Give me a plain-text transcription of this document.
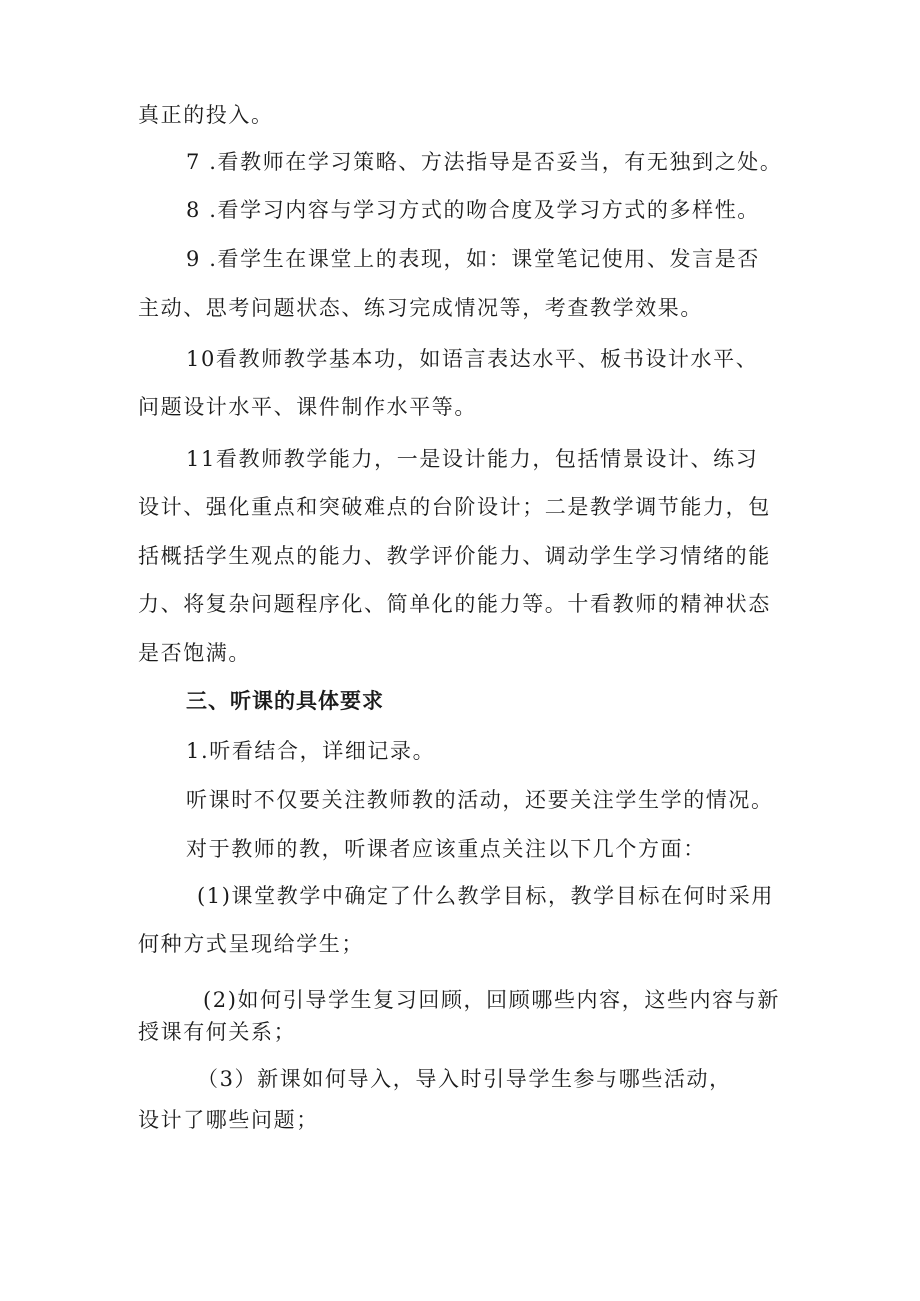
真正的投入。
7 .看教师在学习策略、方法指导是否妥当，有无独到之处。
8 .看学习内容与学习方式的吻合度及学习方式的多样性。
9 .看学生在课堂上的表现，如：课堂笔记使用、发言是否
主动、思考问题状态、练习完成情况等，考查教学效果。
10看教师教学基本功，如语言表达水平、板书设计水平、
问题设计水平、课件制作水平等。
11看教师教学能力，一是设计能力，包括情景设计、练习
设计、强化重点和突破难点的台阶设计；二是教学调节能力，包
括概括学生观点的能力、教学评价能力、调动学生学习情绪的能
力、将复杂问题程序化、简单化的能力等。十看教师的精神状态
是否饱满。
三、听课的具体要求
1.听看结合，详细记录。
听课时不仅要关注教师教的活动，还要关注学生学的情况。
对于教师的教，听课者应该重点关注以下几个方面：
(1)课堂教学中确定了什么教学目标，教学目标在何时采用
何种方式呈现给学生；
(2)如何引导学生复习回顾，回顾哪些内容，这些内容与新
授课有何关系；
（3）新课如何导入，导入时引导学生参与哪些活动，
设计了哪些问题；
